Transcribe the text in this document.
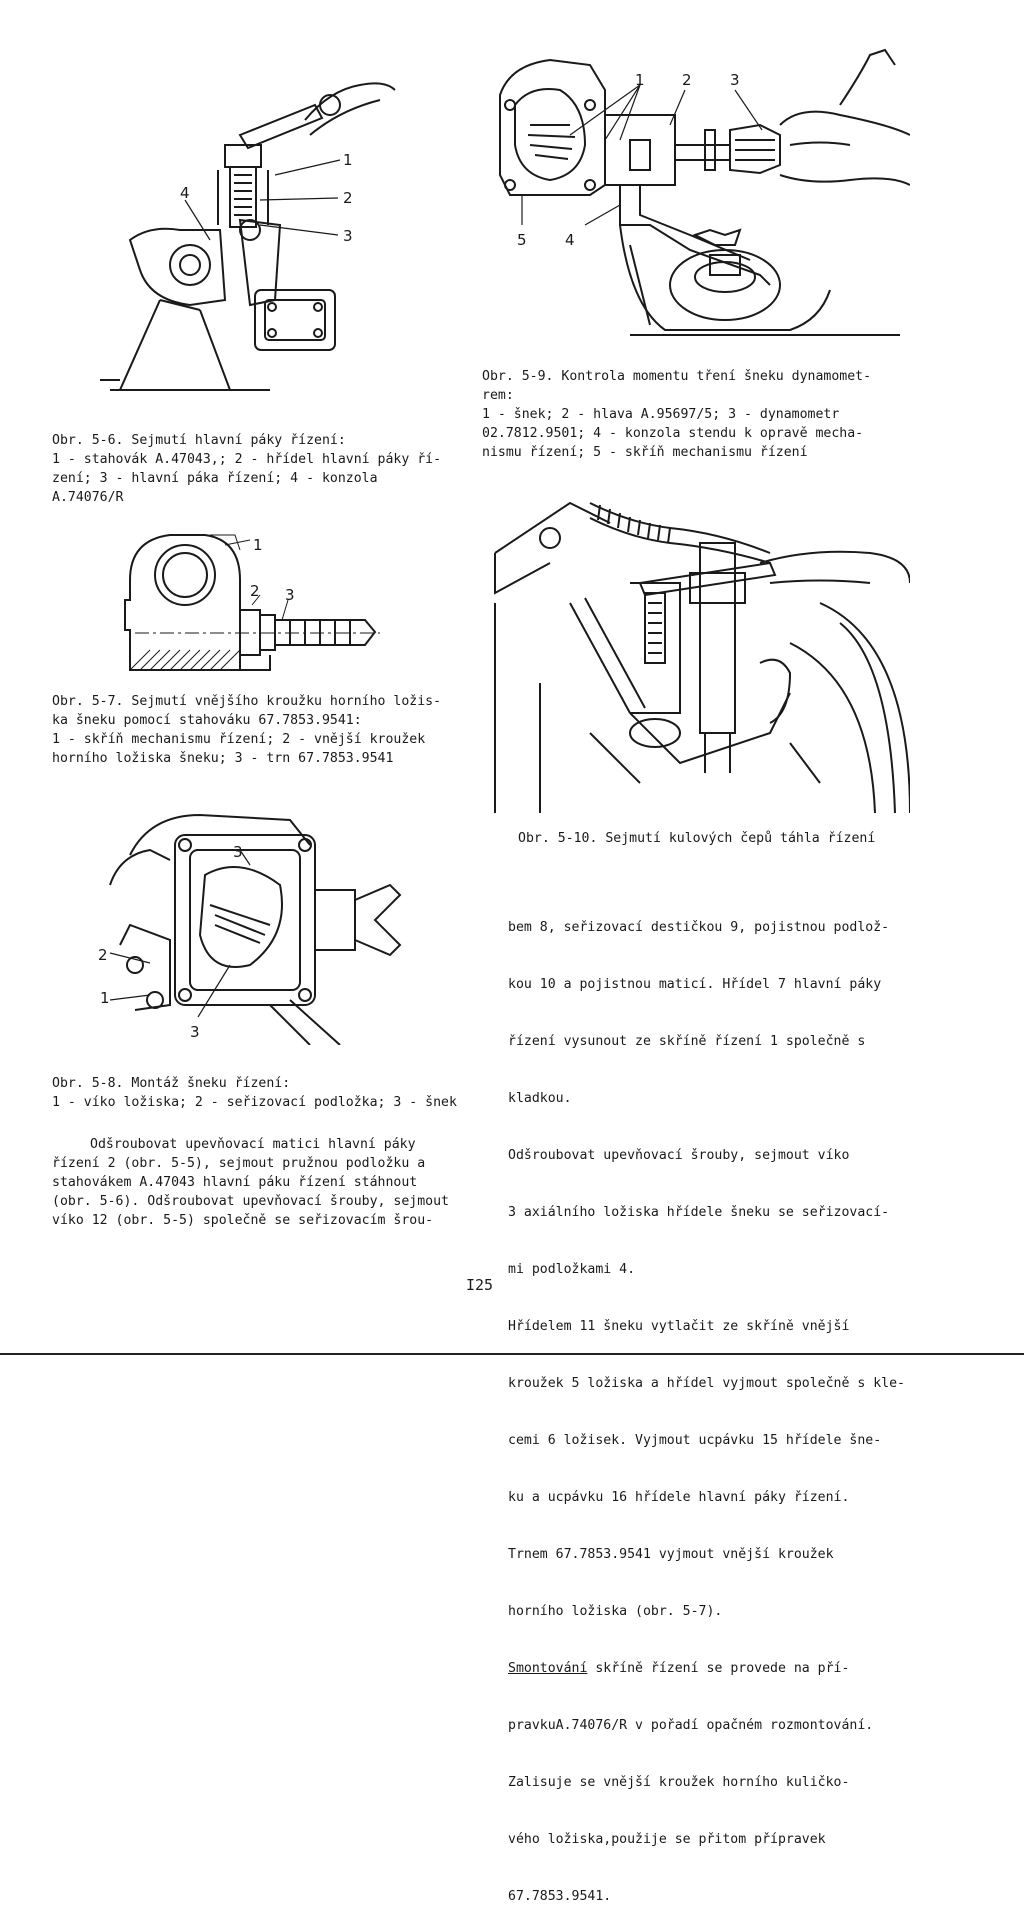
4
1
2
3
Obr. 5-6. Sejmutí hlavní páky řízení:
1 - stahovák A.47043,; 2 - hřídel hlavní páky ří-
zení; 3 - hlavní páka řízení; 4 - konzola
A.74076/R
1
2 3
Obr. 5-7. Sejmutí vnějšího kroužku horního ložis-
ka šneku pomocí stahováku 67.7853.9541:
1 - skříň mechanismu řízení; 2 - vnější kroužek
horního ložiska šneku; 3 - trn 67.7853.9541
3
2
1
3
Obr. 5-8. Montáž šneku řízení:
1 - víko ložiska; 2 - seřizovací podložka; 3 - šnek
1 2	3
5	4
Obr. 5-9. Kontrola momentu tření šneku dynamomet-
rem:
1 - šnek; 2 - hlava A.95697/5; 3 - dynamometr
02.7812.9501; 4 - konzola stendu k opravě mecha-
nismu řízení; 5 - skříň mechanismu řízení
Obr. 5-10. Sejmutí kulových čepů táhla řízení
Odšroubovat upevňovací matici hlavní páky
řízení 2 (obr. 5-5), sejmout pružnou podložku a
stahovákem A.47043 hlavní páku řízení stáhnout
(obr. 5-6). Odšroubovat upevňovací šrouby, sejmout
víko 12 (obr. 5-5) společně se seřizovacím šrou-

bem 8, seřizovací destičkou 9, pojistnou podlož-

kou 10 a pojistnou maticí. Hřídel 7 hlavní páky

řízení vysunout ze skříně řízení 1 společně s

kladkou.

Odšroubovat upevňovací šrouby, sejmout víko

3 axiálního ložiska hřídele šneku se seřizovací-

mi podložkami 4.

Hřídelem 11 šneku vytlačit ze skříně vnější

kroužek 5 ložiska a hřídel vyjmout společně s kle-

cemi 6 ložisek. Vyjmout ucpávku 15 hřídele šne-

ku a ucpávku 16 hřídele hlavní páky řízení.

Trnem 67.7853.9541 vyjmout vnější kroužek

horního ložiska (obr. 5-7).

Smontování skříně řízení se provede na pří-

pravkuA.74076/R v pořadí opačném rozmontování.

Zalisuje se vnější kroužek horního kuličko-

vého ložiska,použije se přitom přípravek

67.7853.9541.

I25
